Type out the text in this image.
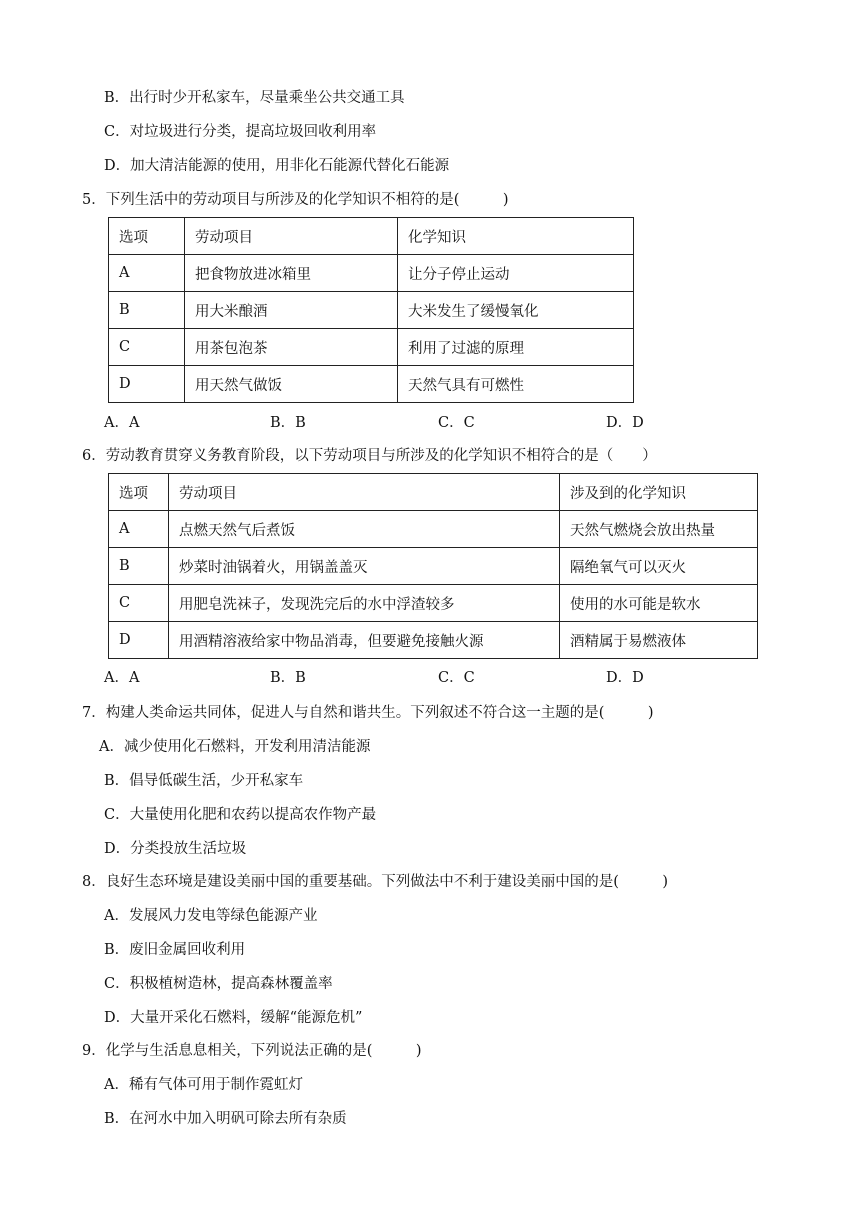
B．出行时少开私家车，尽量乘坐公共交通工具
C．对垃圾进行分类，提高垃圾回收利用率
D．加大清洁能源的使用，用非化石能源代替化石能源
5．下列生活中的劳动项目与所涉及的化学知识不相符的是(　　　)
选项	劳动项目	化学知识
A	把食物放进冰箱里	让分子停止运动
B	用大米酿酒	大米发生了缓慢氧化
C	用茶包泡茶	利用了过滤的原理
D	用天然气做饭	天然气具有可燃性
A．A	B．B	C．C	D．D
6．劳动教育贯穿义务教育阶段，以下劳动项目与所涉及的化学知识不相符合的是（　　）
选项	劳动项目	涉及到的化学知识
A	点燃天然气后煮饭	天然气燃烧会放出热量
B	炒菜时油锅着火，用锅盖盖灭	隔绝氧气可以灭火
C	用肥皂洗袜子，发现洗完后的水中浮渣较多	使用的水可能是软水
D	用酒精溶液给家中物品消毒，但要避免接触火源	酒精属于易燃液体
A．A	B．B	C．C	D．D
7．构建人类命运共同体，促进人与自然和谐共生。下列叙述不符合这一主题的是(　　　)
A．减少使用化石燃料，开发利用清洁能源
B．倡导低碳生活，少开私家车
C．大量使用化肥和农药以提高农作物产最
D．分类投放生活垃圾
8．良好生态环境是建设美丽中国的重要基础。下列做法中不利于建设美丽中国的是(　　　)
A．发展风力发电等绿色能源产业
B．废旧金属回收利用
C．积极植树造林，提高森林覆盖率
D．大量开采化石燃料，缓解“能源危机”
9．化学与生活息息相关，下列说法正确的是(　　　)
A．稀有气体可用于制作霓虹灯
B．在河水中加入明矾可除去所有杂质
